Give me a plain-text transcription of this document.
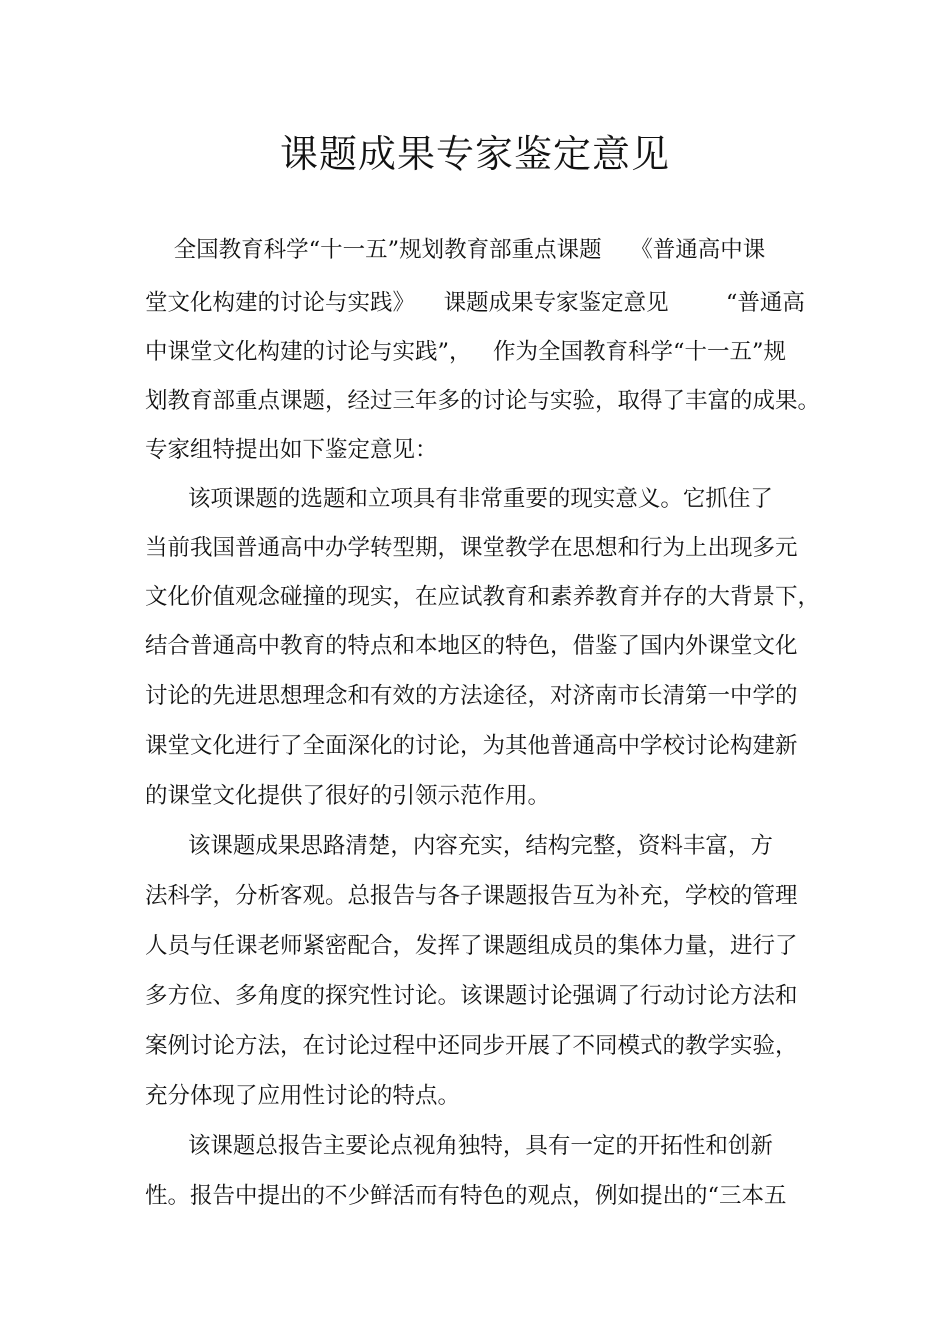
课题成果专家鉴定意见

全国教育科学“十一五”规划教育部重点课题    《普通高中课

堂文化构建的讨论与实践》    课题成果专家鉴定意见        “普通高

中课堂文化构建的讨论与实践”，   作为全国教育科学“十一五”规

划教育部重点课题，经过三年多的讨论与实验，取得了丰富的成果。

专家组特提出如下鉴定意见：

该项课题的选题和立项具有非常重要的现实意义。它抓住了

当前我国普通高中办学转型期，课堂教学在思想和行为上出现多元

文化价值观念碰撞的现实，在应试教育和素养教育并存的大背景下，

结合普通高中教育的特点和本地区的特色，借鉴了国内外课堂文化

讨论的先进思想理念和有效的方法途径，对济南市长清第一中学的

课堂文化进行了全面深化的讨论，为其他普通高中学校讨论构建新

的课堂文化提供了很好的引领示范作用。

该课题成果思路清楚，内容充实，结构完整，资料丰富，方

法科学，分析客观。总报告与各子课题报告互为补充，学校的管理

人员与任课老师紧密配合，发挥了课题组成员的集体力量，进行了

多方位、多角度的探究性讨论。该课题讨论强调了行动讨论方法和

案例讨论方法，在讨论过程中还同步开展了不同模式的教学实验，

充分体现了应用性讨论的特点。

该课题总报告主要论点视角独特，具有一定的开拓性和创新

性。报告中提出的不少鲜活而有特色的观点，例如提出的“三本五
